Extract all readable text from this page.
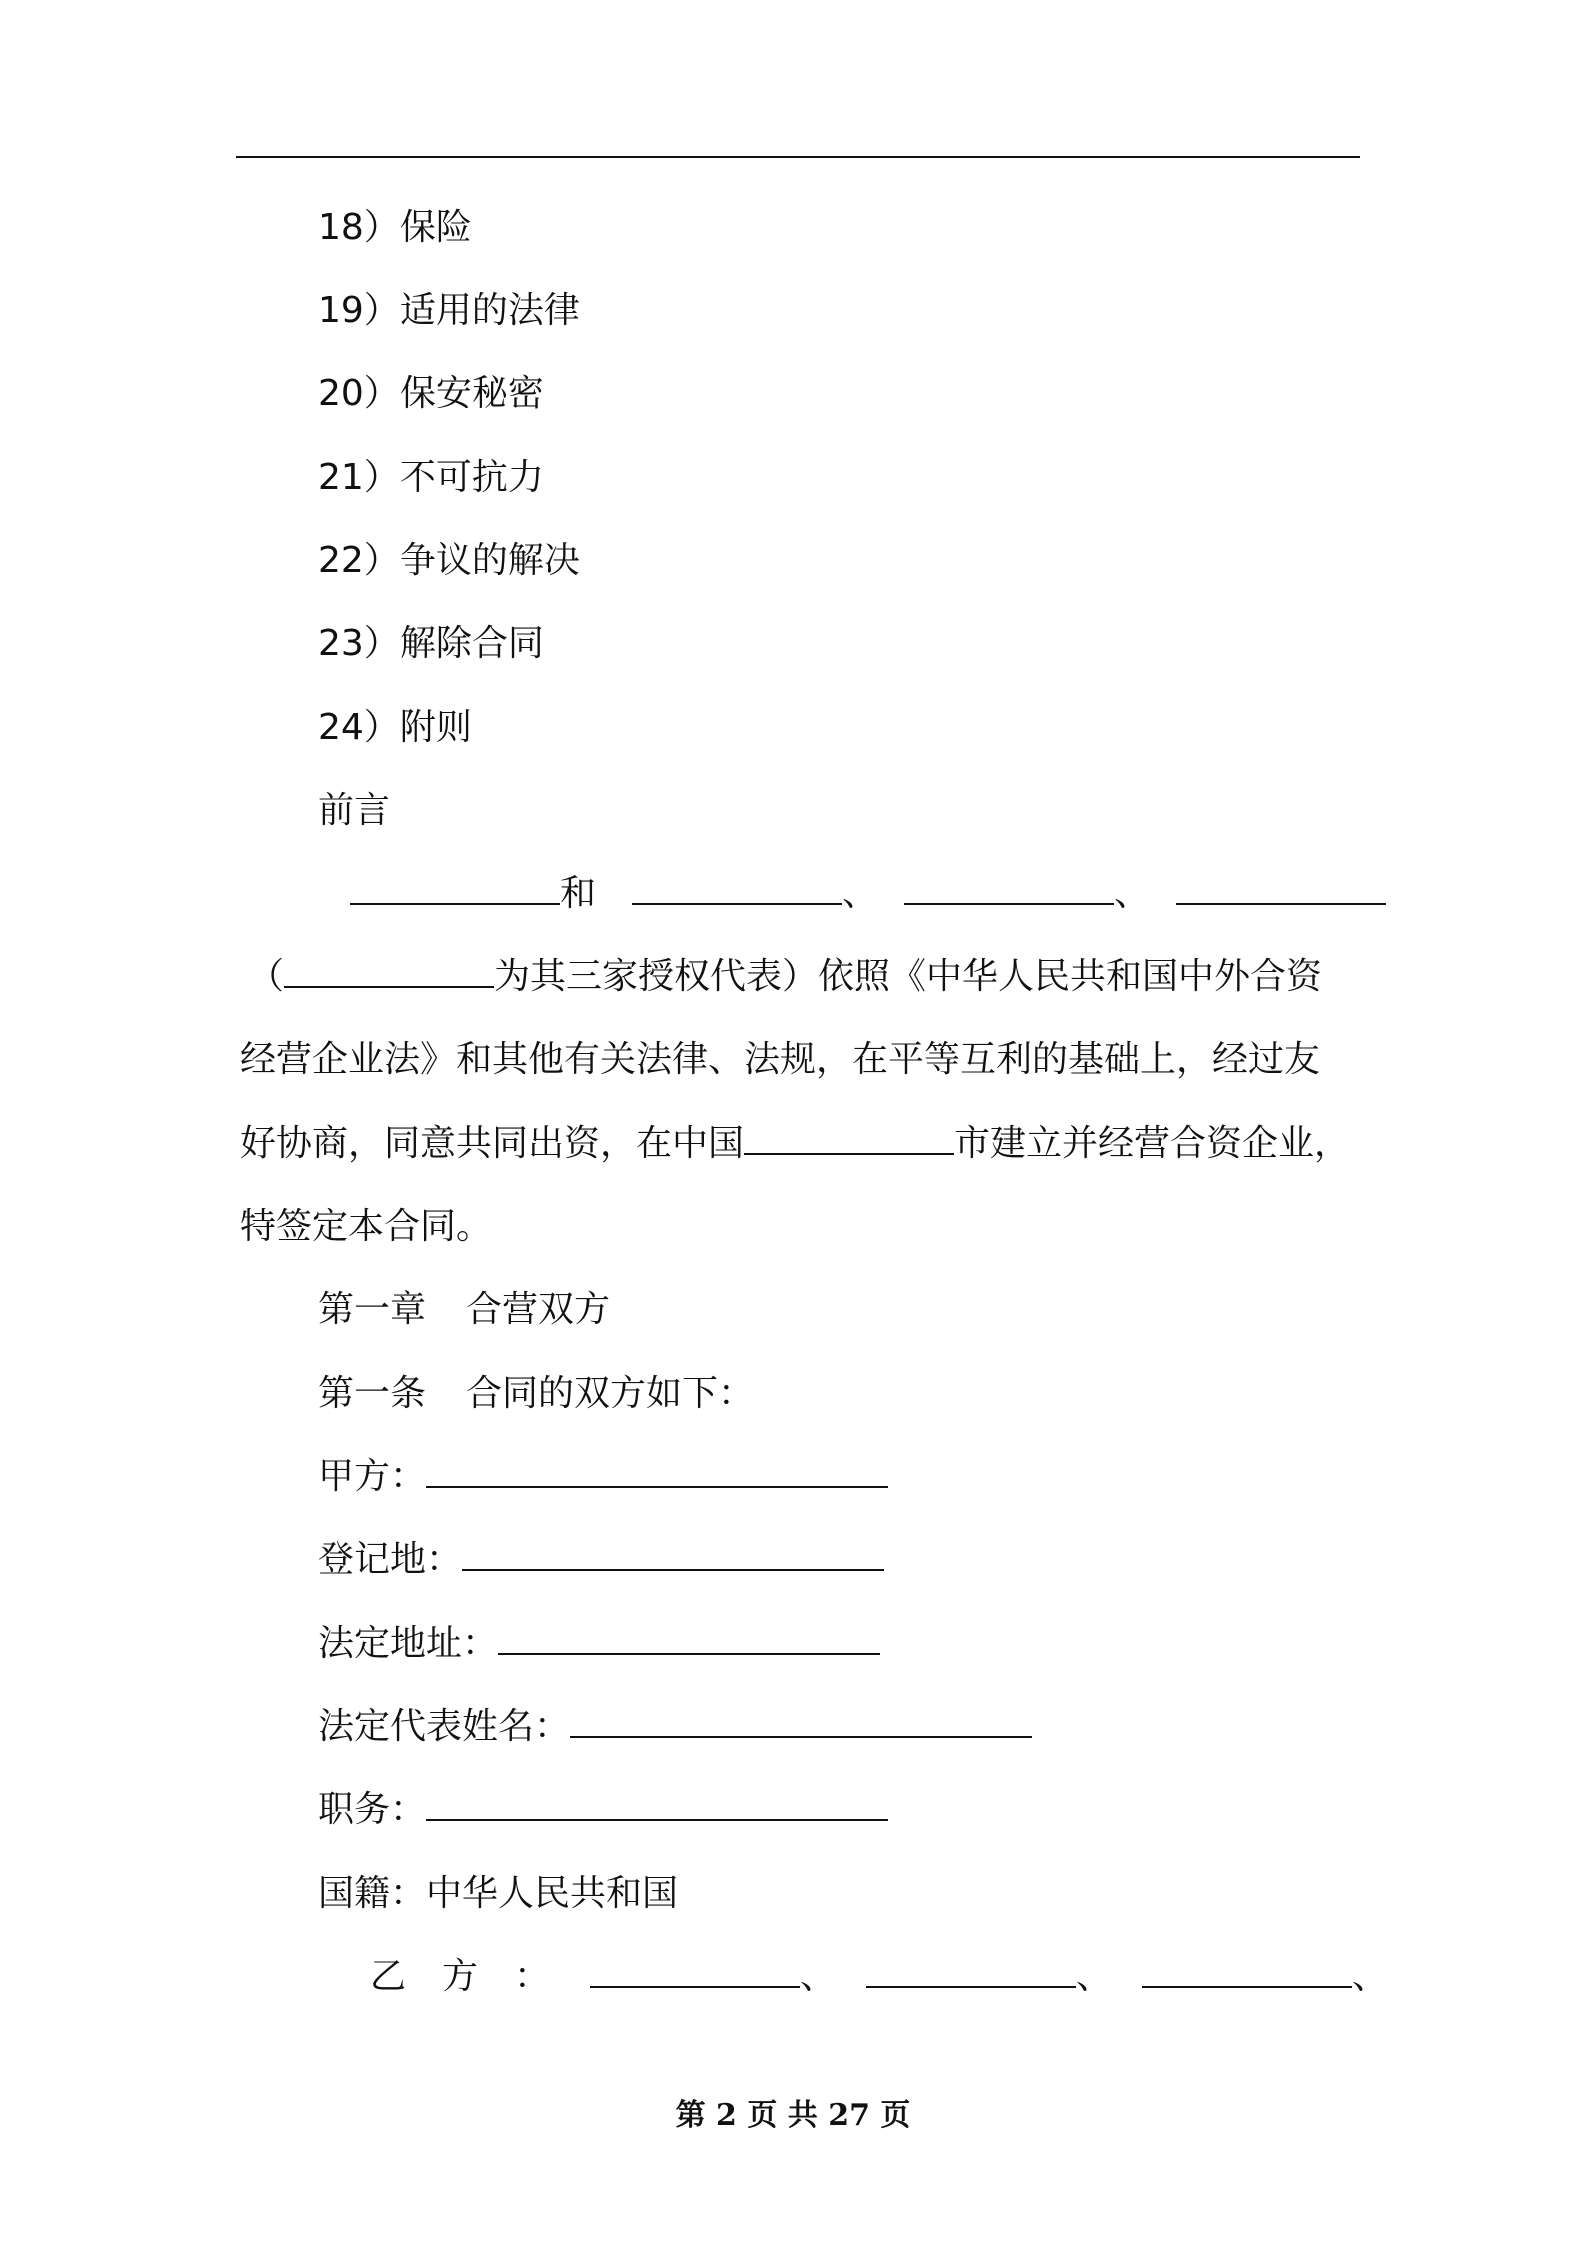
18）保险
19）适用的法律
20）保安秘密
21）不可抗力
22）争议的解决
23）解除合同
24）附则
前言
和	、	、
（	为其三家授权代表）依照《中华人民共和国中外合资
经营企业法》和其他有关法律、法规，在平等互利的基础上，经过友
好协商，同意共同出资，在中国	市建立并经营合资企业，
特签定本合同。
第一章 合营双方
第一条 合同的双方如下：
甲方：
登记地：
法定地址：
法定代表姓名：
职务：
国籍：中华人民共和国
乙　方　：	、	、	、
第 2 页 共 27 页
